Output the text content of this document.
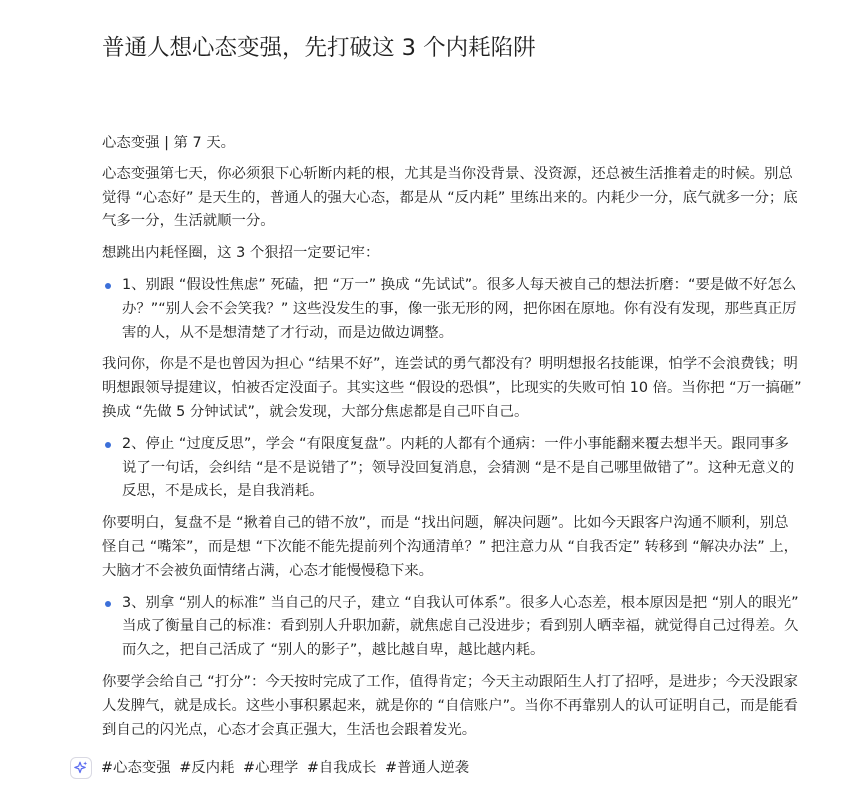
普通人想心态变强，先打破这 3 个内耗陷阱

心态变强 | 第 7 天。

心态变强第七天，你必须狠下心斩断内耗的根，尤其是当你没背景、没资源，还总被生活推着走的时候。别总觉得 “心态好” 是天生的，普通人的强大心态，都是从 “反内耗” 里练出来的。内耗少一分，底气就多一分；底气多一分，生活就顺一分。

想跳出内耗怪圈，这 3 个狠招一定要记牢：

1、别跟 “假设性焦虑” 死磕，把 “万一” 换成 “先试试”。很多人每天被自己的想法折磨：“要是做不好怎么办？”“别人会不会笑我？” 这些没发生的事，像一张无形的网，把你困在原地。你有没有发现，那些真正厉害的人，从不是想清楚了才行动，而是边做边调整。

我问你，你是不是也曾因为担心 “结果不好”，连尝试的勇气都没有？明明想报名技能课，怕学不会浪费钱；明明想跟领导提建议，怕被否定没面子。其实这些 “假设的恐惧”，比现实的失败可怕 10 倍。当你把 “万一搞砸” 换成 “先做 5 分钟试试”，就会发现，大部分焦虑都是自己吓自己。

2、停止 “过度反思”，学会 “有限度复盘”。内耗的人都有个通病：一件小事能翻来覆去想半天。跟同事多说了一句话，会纠结 “是不是说错了”；领导没回复消息，会猜测 “是不是自己哪里做错了”。这种无意义的反思，不是成长，是自我消耗。

你要明白，复盘不是 “揪着自己的错不放”，而是 “找出问题，解决问题”。比如今天跟客户沟通不顺利，别总怪自己 “嘴笨”，而是想 “下次能不能先提前列个沟通清单？” 把注意力从 “自我否定” 转移到 “解决办法” 上，大脑才不会被负面情绪占满，心态才能慢慢稳下来。

3、别拿 “别人的标准” 当自己的尺子，建立 “自我认可体系”。很多人心态差，根本原因是把 “别人的眼光” 当成了衡量自己的标准：看到别人升职加薪，就焦虑自己没进步；看到别人晒幸福，就觉得自己过得差。久而久之，把自己活成了 “别人的影子”，越比越自卑，越比越内耗。

你要学会给自己 “打分”：今天按时完成了工作，值得肯定；今天主动跟陌生人打了招呼，是进步；今天没跟家人发脾气，就是成长。这些小事积累起来，就是你的 “自信账户”。当你不再靠别人的认可证明自己，而是能看到自己的闪光点，心态才会真正强大，生活也会跟着发光。

#心态变强 #反内耗 #心理学 #自我成长 #普通人逆袭
